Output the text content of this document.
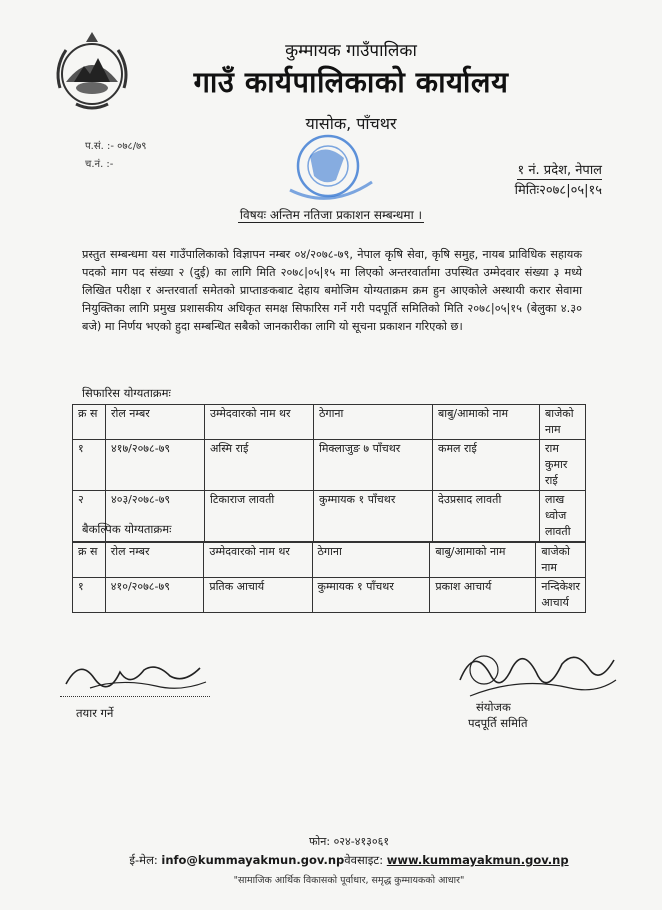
कुम्मायक गाउँपालिका
गाउँ कार्यपालिकाको कार्यालय
यासोक, पाँचथर
प.सं. :- ०७८/७९
च.नं. :-	१ नं. प्रदेश, नेपाल
मितिः२०७८|०५|१५
विषयः अन्तिम नतिजा प्रकाशन सम्बन्धमा ।
प्रस्तुत सम्बन्धमा यस गाउँपालिकाको विज्ञापन नम्बर ०४/२०७८-७९, नेपाल कृषि सेवा, कृषि समुह, नायब प्राविधिक सहायक पदको माग पद संख्या २ (दुई) का लागि मिति २०७८|०५|१५ मा लिएको अन्तरवार्तामा उपस्थित उम्मेदवार संख्या ३ मध्ये लिखित परीक्षा र अन्तरवार्ता समेतको प्राप्ताङकबाट देहाय बमोजिम योग्यताक्रम क्रम हुन आएकोले अस्थायी करार सेवामा नियुक्तिका लागि प्रमुख प्रशासकीय अधिकृत समक्ष सिफारिस गर्ने गरी पदपूर्ति समितिको मिति २०७८|०५|१५ (बेलुका ४.३० बजे) मा निर्णय भएको हुदा सम्बन्धित सबैको जानकारीका लागि यो सूचना प्रकाशन गरिएको छ।
सिफारिस योग्यताक्रमः
क्र स	रोल नम्बर	उम्मेदवारको नाम थर	ठेगाना	बाबु/आमाको नाम	बाजेको नाम
१	४१७/२०७८-७९	अस्मि राई	मिक्लाजुङ ७ पाँचथर	कमल राई	राम कुमार राई
२	४०३/२०७८-७९	टिकाराज लावती	कुम्मायक १ पाँचथर	देउप्रसाद लावती	लाख ध्वोज लावती
बैकल्पिक योग्यताक्रमः
क्र स	रोल नम्बर	उम्मेदवारको नाम थर	ठेगाना	बाबु/आमाको नाम	बाजेको नाम
१	४१०/२०७८-७९	प्रतिक आचार्य	कुम्मायक १ पाँचथर	प्रकाश आचार्य	नन्दिकेशर आचार्य
तयार गर्ने	संयोजक
पदपूर्ति समिति
फोन: ०२४-४१३०६१
ई-मेल: info@kummayakmun.gov.npवेवसाइट: www.kummayakmun.gov.np
"सामाजिक आर्थिक विकासको पूर्वाधार, समृद्ध कुम्मायकको आधार"
